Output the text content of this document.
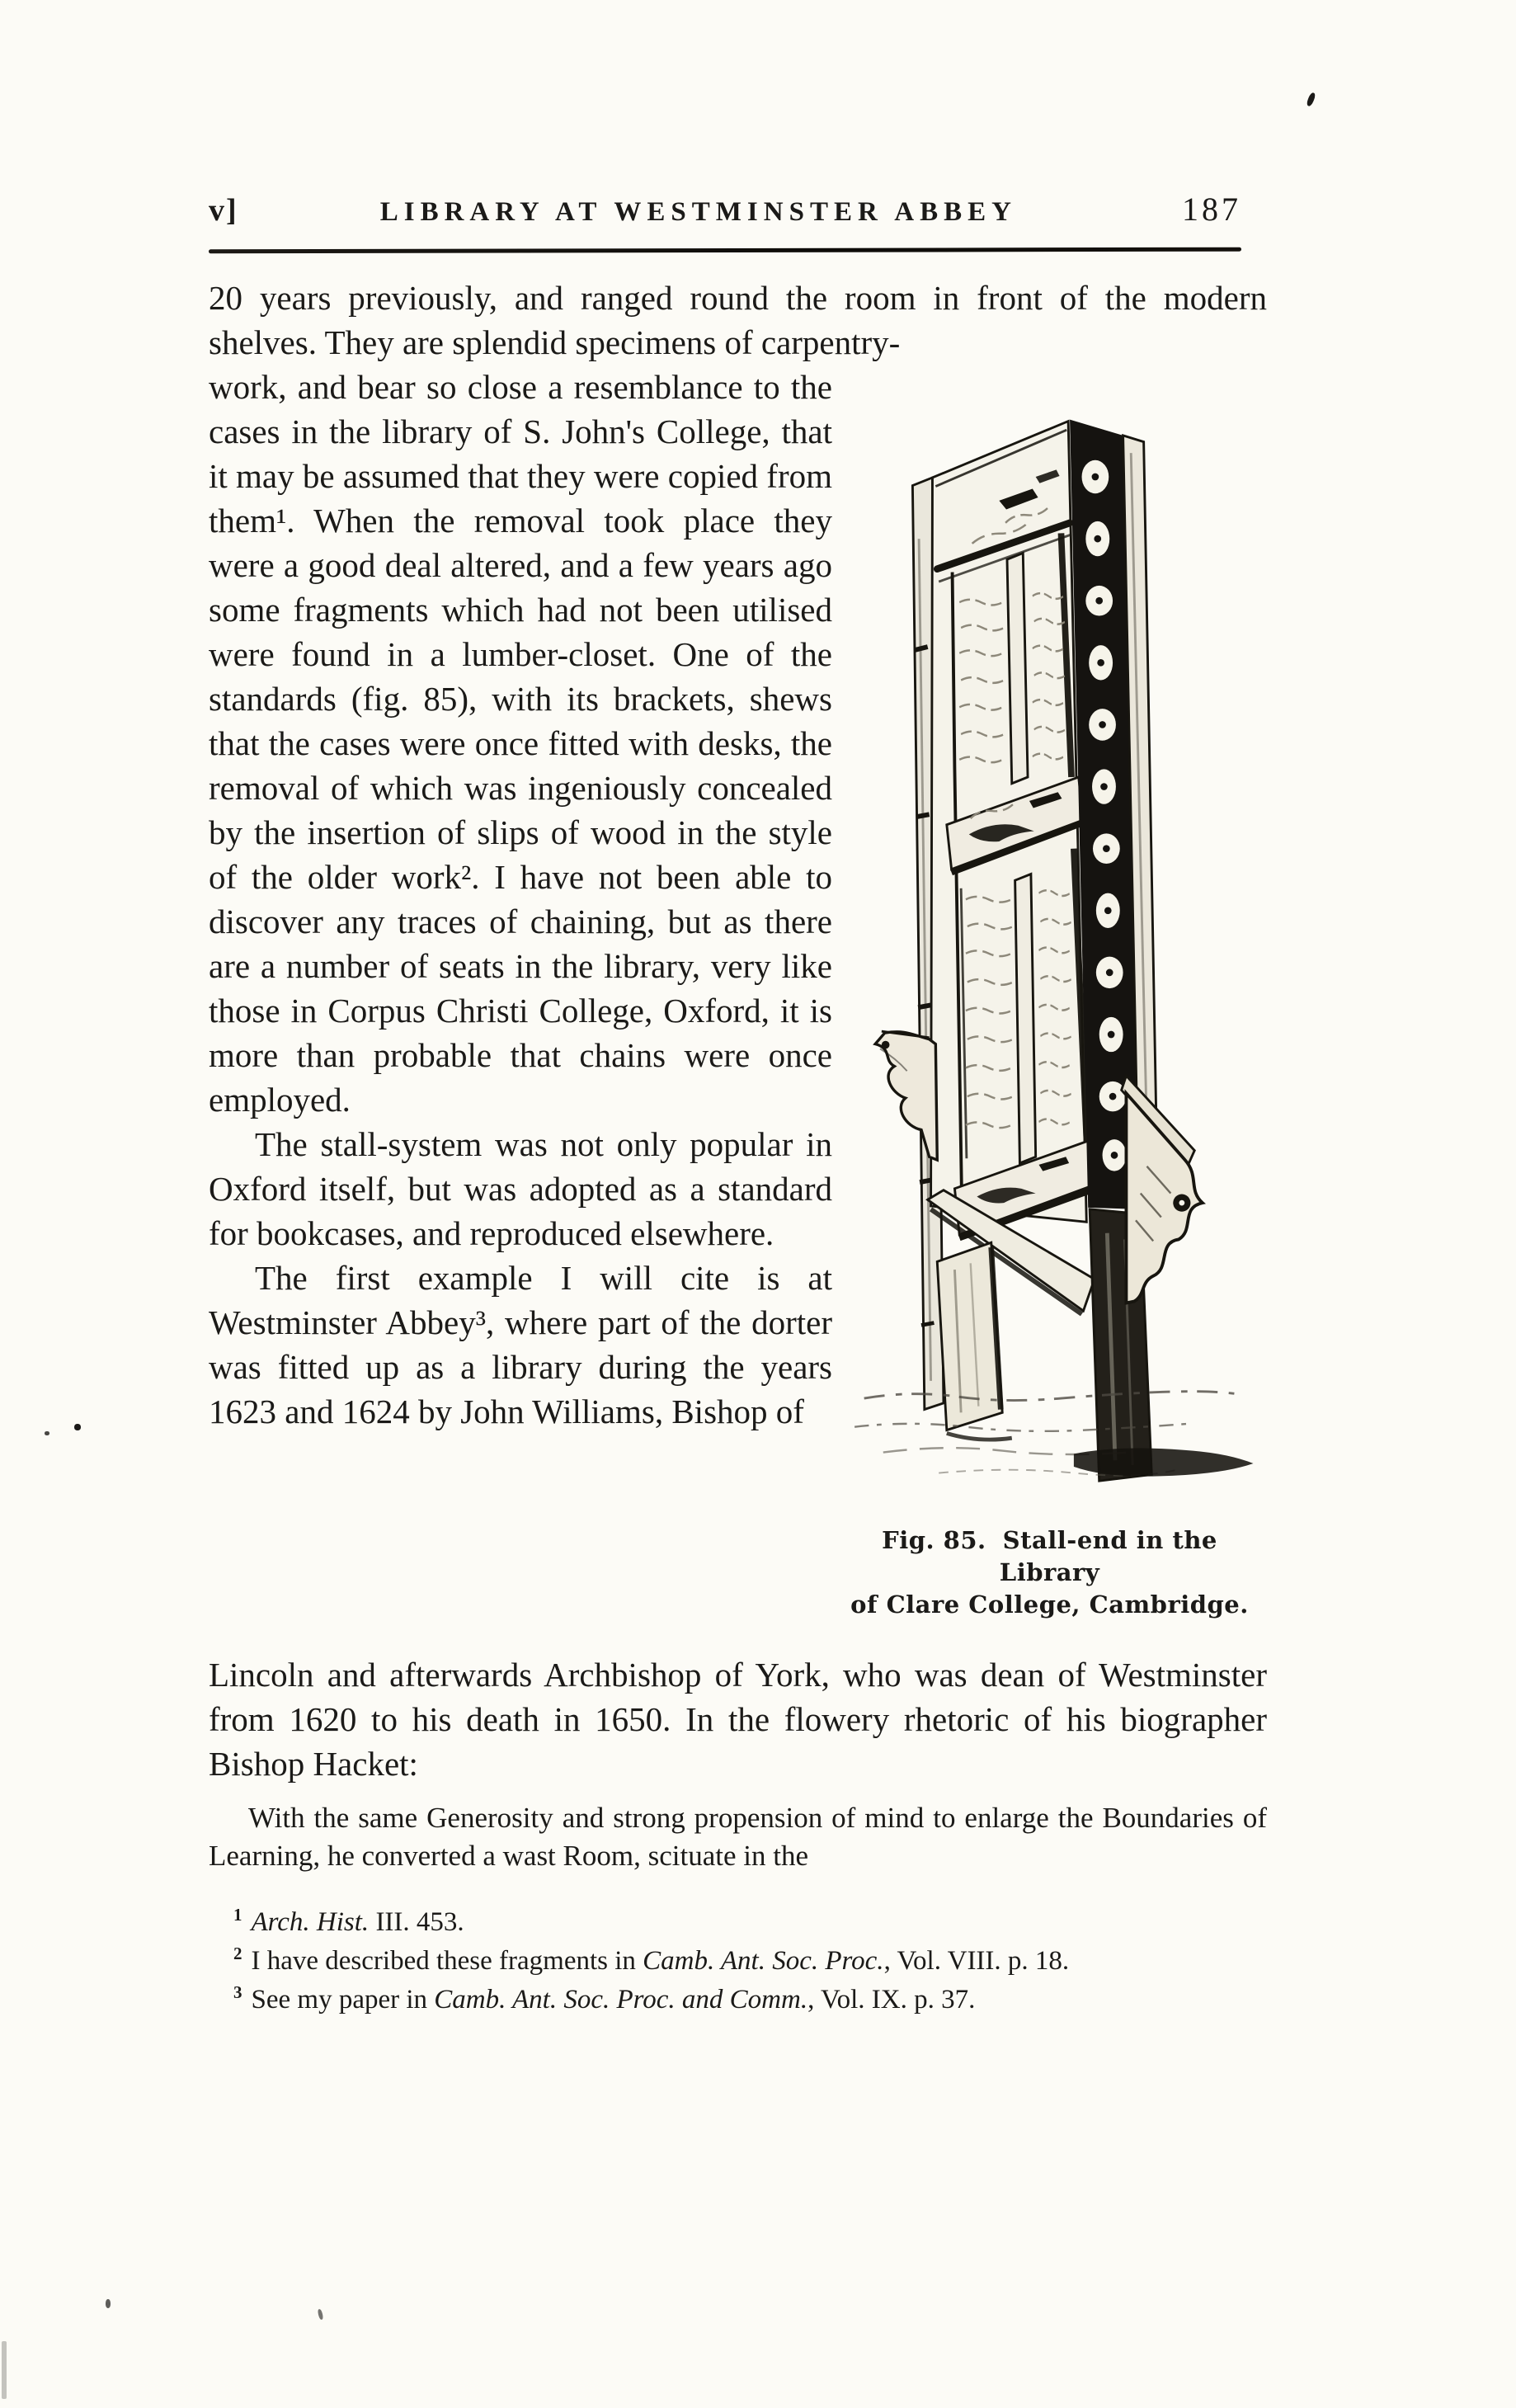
v]	LIBRARY AT WESTMINSTER ABBEY	187

20 years previously, and ranged round the room in front of the modern shelves. They are splendid specimens of carpentry-

work, and bear so close a resemblance to the cases in the library of S. John's College, that it may be assumed that they were copied from them¹. When the removal took place they were a good deal altered, and a few years ago some fragments which had not been utilised were found in a lumber-closet. One of the standards (fig. 85), with its brackets, shews that the cases were once fitted with desks, the removal of which was ingeniously concealed by the insertion of slips of wood in the style of the older work². I have not been able to discover any traces of chaining, but as there are a number of seats in the library, very like those in Corpus Christi College, Oxford, it is more than probable that chains were once employed.

The stall-system was not only popular in Oxford itself, but was adopted as a standard for bookcases, and reproduced elsewhere.

The first example I will cite is at Westminster Abbey³, where part of the dorter was fitted up as a library during the years 1623 and 1624 by John Williams, Bishop of

Fig. 85. Stall-end in the Library
of Clare College, Cambridge.

Lincoln and afterwards Archbishop of York, who was dean of Westminster from 1620 to his death in 1650. In the flowery rhetoric of his biographer Bishop Hacket:

With the same Generosity and strong propension of mind to enlarge the Boundaries of Learning, he converted a wast Room, scituate in the

$^1$ Arch. Hist. III. 453.
$^2$ I have described these fragments in Camb. Ant. Soc. Proc., Vol. VIII. p. 18.
$^3$ See my paper in Camb. Ant. Soc. Proc. and Comm., Vol. IX. p. 37.
